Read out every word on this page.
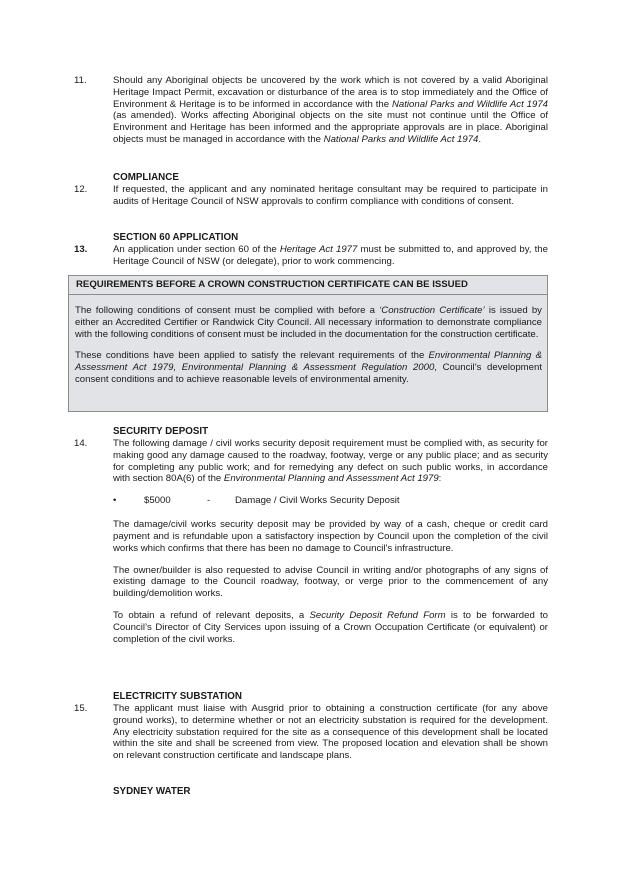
11.	Should any Aboriginal objects be uncovered by the work which is not covered by a valid Aboriginal Heritage Impact Permit, excavation or disturbance of the area is to stop immediately and the Office of Environment & Heritage is to be informed in accordance with the National Parks and Wildlife Act 1974 (as amended). Works affecting Aboriginal objects on the site must not continue until the Office of Environment and Heritage has been informed and the appropriate approvals are in place. Aboriginal objects must be managed in accordance with the National Parks and Wildlife Act 1974.
COMPLIANCE
12.	If requested, the applicant and any nominated heritage consultant may be required to participate in audits of Heritage Council of NSW approvals to confirm compliance with conditions of consent.
SECTION 60 APPLICATION
13.	An application under section 60 of the Heritage Act 1977 must be submitted to, and approved by, the Heritage Council of NSW (or delegate), prior to work commencing.
REQUIREMENTS BEFORE A CROWN CONSTRUCTION CERTIFICATE CAN BE ISSUED

The following conditions of consent must be complied with before a ‘Construction Certificate’ is issued by either an Accredited Certifier or Randwick City Council. All necessary information to demonstrate compliance with the following conditions of consent must be included in the documentation for the construction certificate.

These conditions have been applied to satisfy the relevant requirements of the Environmental Planning & Assessment Act 1979, Environmental Planning & Assessment Regulation 2000, Council’s development consent conditions and to achieve reasonable levels of environmental amenity.

SECURITY DEPOSIT
14.	The following damage / civil works security deposit requirement must be complied with, as security for making good any damage caused to the roadway, footway, verge or any public place; and as security for completing any public work; and for remedying any defect on such public works, in accordance with section 80A(6) of the Environmental Planning and Assessment Act 1979:

•	$5000	-	Damage / Civil Works Security Deposit

The damage/civil works security deposit may be provided by way of a cash, cheque or credit card payment and is refundable upon a satisfactory inspection by Council upon the completion of the civil works which confirms that there has been no damage to Council's infrastructure.

The owner/builder is also requested to advise Council in writing and/or photographs of any signs of existing damage to the Council roadway, footway, or verge prior to the commencement of any building/demolition works.

To obtain a refund of relevant deposits, a Security Deposit Refund Form is to be forwarded to Council’s Director of City Services upon issuing of a Crown Occupation Certificate (or equivalent) or completion of the civil works.

ELECTRICITY SUBSTATION
15.	The applicant must liaise with Ausgrid prior to obtaining a construction certificate (for any above ground works), to determine whether or not an electricity substation is required for the development. Any electricity substation required for the site as a consequence of this development shall be located within the site and shall be screened from view. The proposed location and elevation shall be shown on relevant construction certificate and landscape plans.
SYDNEY WATER
